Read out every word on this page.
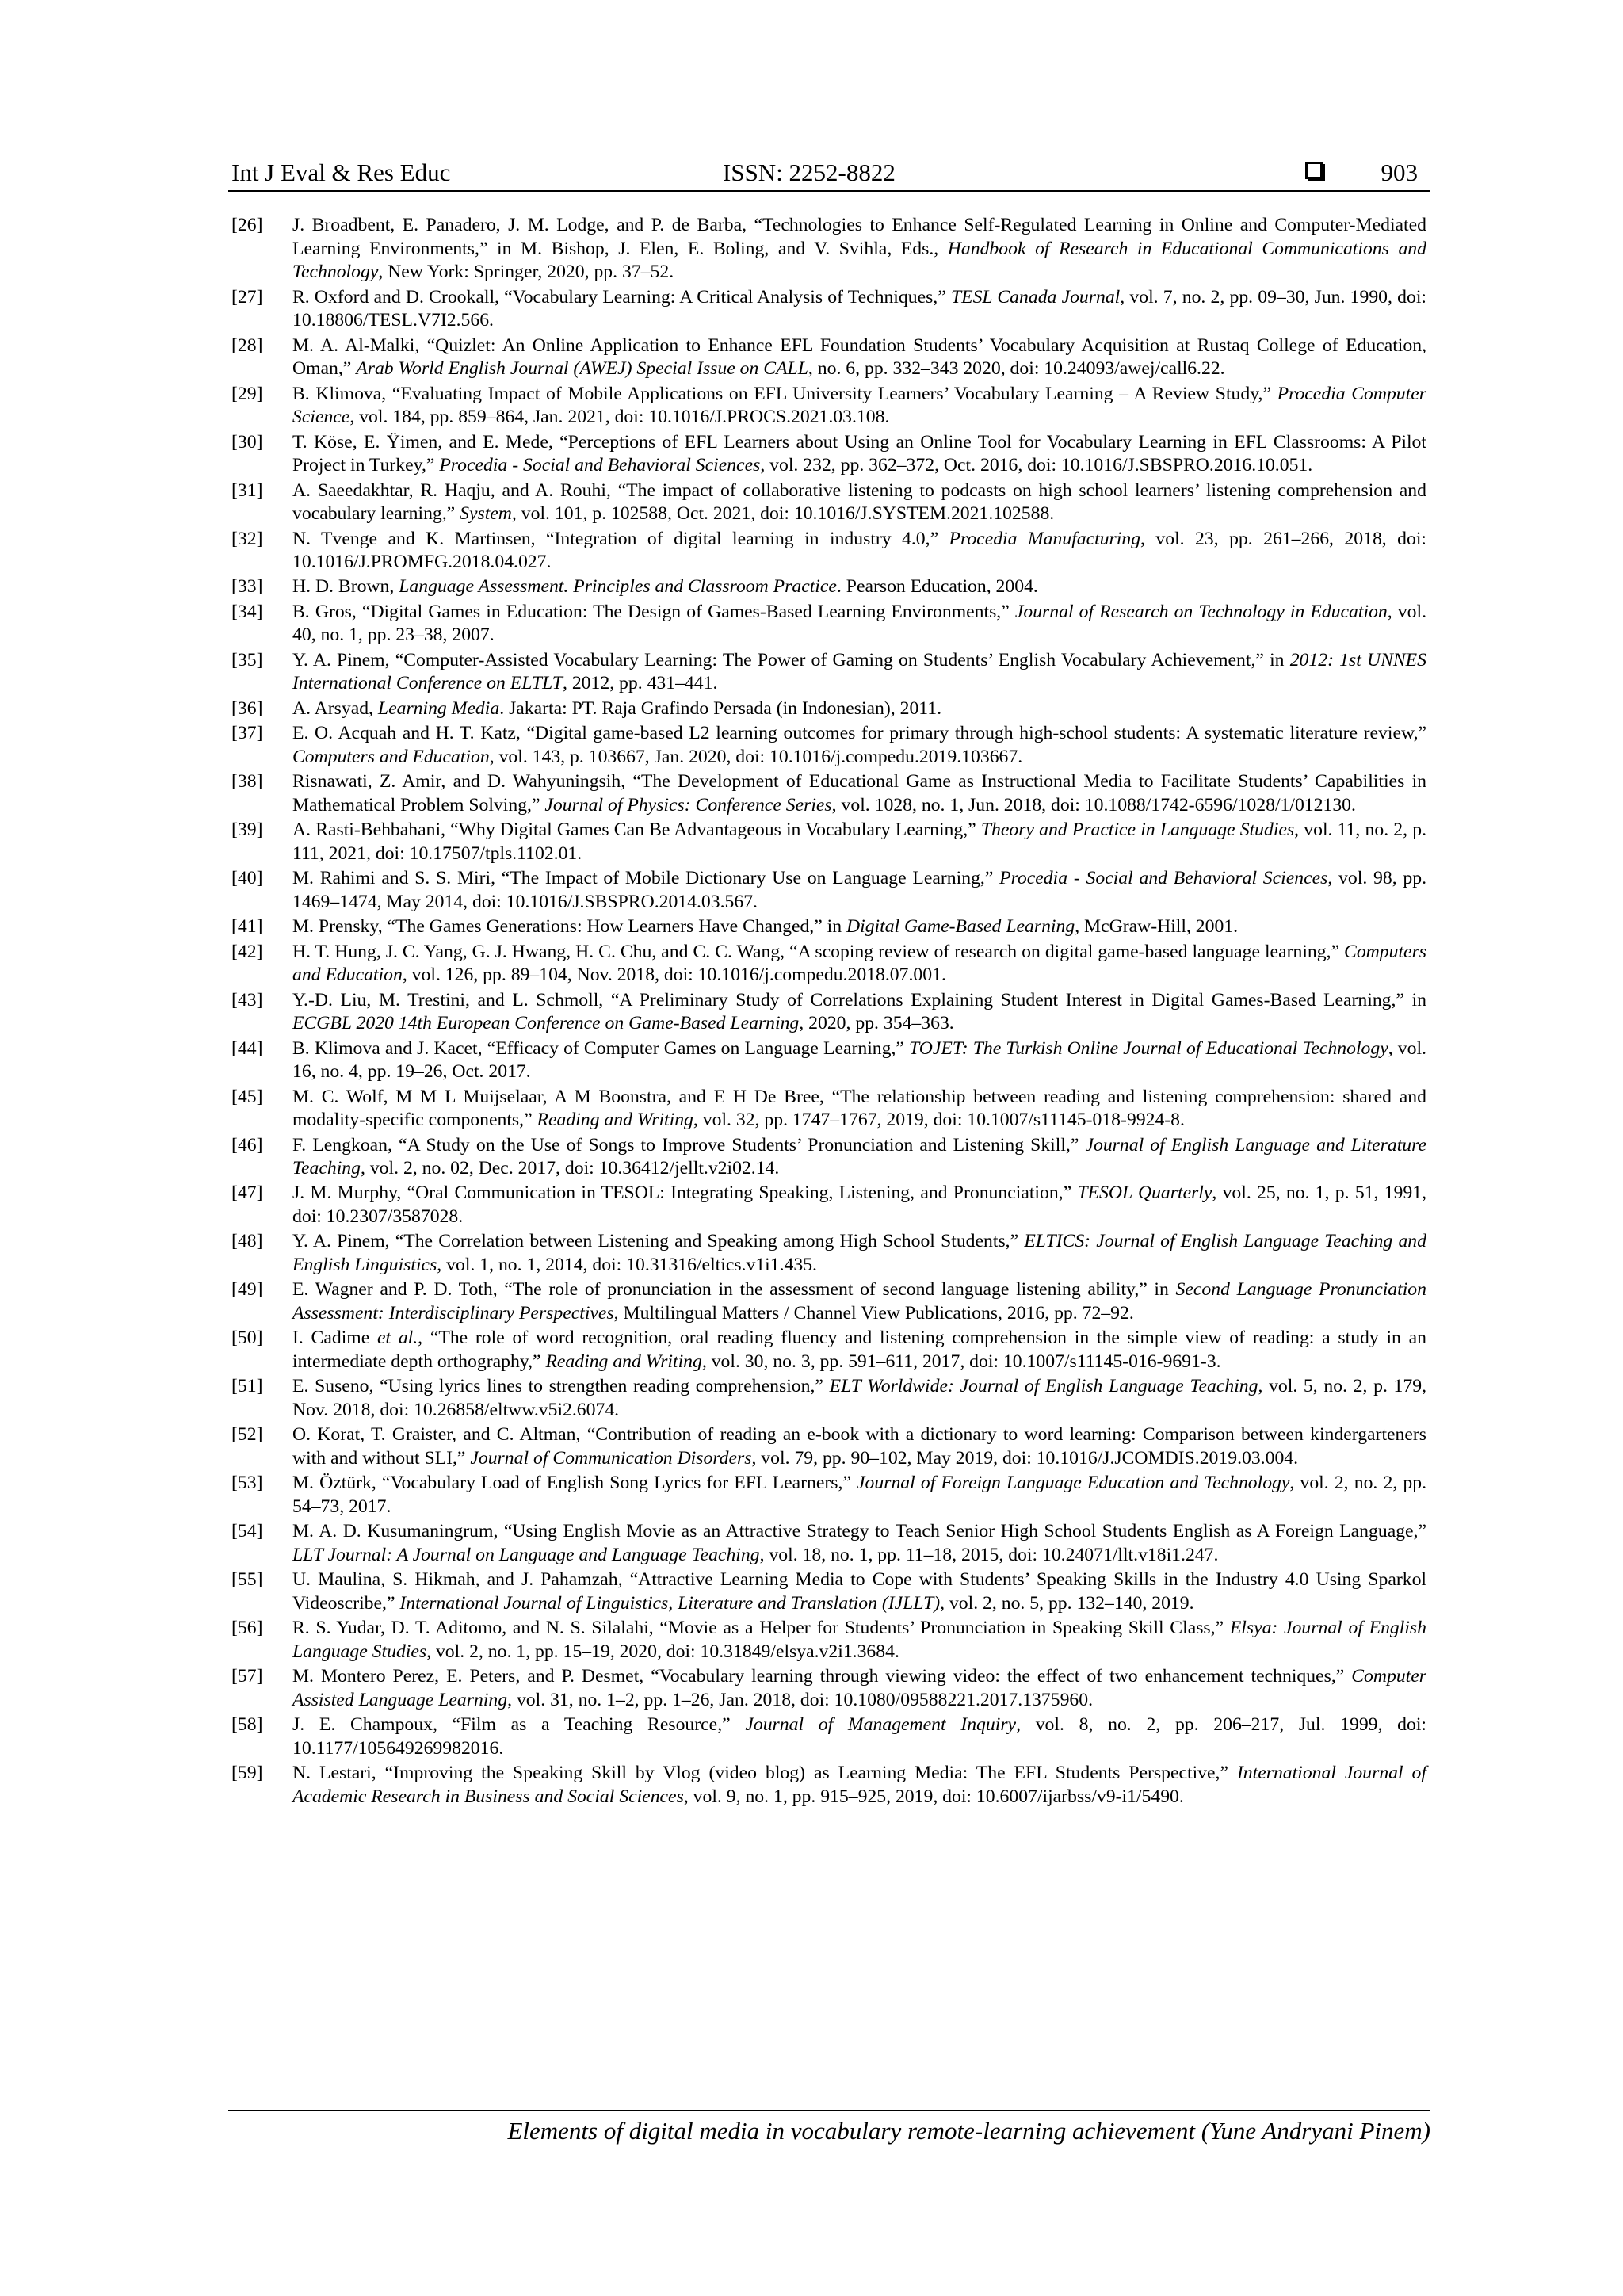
Int J Eval & Res Educ	ISSN: 2252-8822	903
[26]	J. Broadbent, E. Panadero, J. M. Lodge, and P. de Barba, “Technologies to Enhance Self-Regulated Learning in Online and Computer-Mediated Learning Environments,” in M. Bishop, J. Elen, E. Boling, and V. Svihla, Eds., Handbook of Research in Educational Communications and Technology, New York: Springer, 2020, pp. 37–52.
[27]	R. Oxford and D. Crookall, “Vocabulary Learning: A Critical Analysis of Techniques,” TESL Canada Journal, vol. 7, no. 2, pp. 09–30, Jun. 1990, doi: 10.18806/TESL.V7I2.566.
[28]	M. A. Al-Malki, “Quizlet: An Online Application to Enhance EFL Foundation Students’ Vocabulary Acquisition at Rustaq College of Education, Oman,” Arab World English Journal (AWEJ) Special Issue on CALL, no. 6, pp. 332–343 2020, doi: 10.24093/awej/call6.22.
[29]	B. Klimova, “Evaluating Impact of Mobile Applications on EFL University Learners’ Vocabulary Learning – A Review Study,” Procedia Computer Science, vol. 184, pp. 859–864, Jan. 2021, doi: 10.1016/J.PROCS.2021.03.108.
[30]	T. Köse, E. Ÿimen, and E. Mede, “Perceptions of EFL Learners about Using an Online Tool for Vocabulary Learning in EFL Classrooms: A Pilot Project in Turkey,” Procedia - Social and Behavioral Sciences, vol. 232, pp. 362–372, Oct. 2016, doi: 10.1016/J.SBSPRO.2016.10.051.
[31]	A. Saeedakhtar, R. Haqju, and A. Rouhi, “The impact of collaborative listening to podcasts on high school learners’ listening comprehension and vocabulary learning,” System, vol. 101, p. 102588, Oct. 2021, doi: 10.1016/J.SYSTEM.2021.102588.
[32]	N. Tvenge and K. Martinsen, “Integration of digital learning in industry 4.0,” Procedia Manufacturing, vol. 23, pp. 261–266, 2018, doi: 10.1016/J.PROMFG.2018.04.027.
[33]	H. D. Brown, Language Assessment. Principles and Classroom Practice. Pearson Education, 2004.
[34]	B. Gros, “Digital Games in Education: The Design of Games-Based Learning Environments,” Journal of Research on Technology in Education, vol. 40, no. 1, pp. 23–38, 2007.
[35]	Y. A. Pinem, “Computer-Assisted Vocabulary Learning: The Power of Gaming on Students’ English Vocabulary Achievement,” in 2012: 1st UNNES International Conference on ELTLT, 2012, pp. 431–441.
[36]	A. Arsyad, Learning Media. Jakarta: PT. Raja Grafindo Persada (in Indonesian), 2011.
[37]	E. O. Acquah and H. T. Katz, “Digital game-based L2 learning outcomes for primary through high-school students: A systematic literature review,” Computers and Education, vol. 143, p. 103667, Jan. 2020, doi: 10.1016/j.compedu.2019.103667.
[38]	Risnawati, Z. Amir, and D. Wahyuningsih, “The Development of Educational Game as Instructional Media to Facilitate Students’ Capabilities in Mathematical Problem Solving,” Journal of Physics: Conference Series, vol. 1028, no. 1, Jun. 2018, doi: 10.1088/1742-6596/1028/1/012130.
[39]	A. Rasti-Behbahani, “Why Digital Games Can Be Advantageous in Vocabulary Learning,” Theory and Practice in Language Studies, vol. 11, no. 2, p. 111, 2021, doi: 10.17507/tpls.1102.01.
[40]	M. Rahimi and S. S. Miri, “The Impact of Mobile Dictionary Use on Language Learning,” Procedia - Social and Behavioral Sciences, vol. 98, pp. 1469–1474, May 2014, doi: 10.1016/J.SBSPRO.2014.03.567.
[41]	M. Prensky, “The Games Generations: How Learners Have Changed,” in Digital Game-Based Learning, McGraw-Hill, 2001.
[42]	H. T. Hung, J. C. Yang, G. J. Hwang, H. C. Chu, and C. C. Wang, “A scoping review of research on digital game-based language learning,” Computers and Education, vol. 126, pp. 89–104, Nov. 2018, doi: 10.1016/j.compedu.2018.07.001.
[43]	Y.-D. Liu, M. Trestini, and L. Schmoll, “A Preliminary Study of Correlations Explaining Student Interest in Digital Games-Based Learning,” in ECGBL 2020 14th European Conference on Game-Based Learning, 2020, pp. 354–363.
[44]	B. Klimova and J. Kacet, “Efficacy of Computer Games on Language Learning,” TOJET: The Turkish Online Journal of Educational Technology, vol. 16, no. 4, pp. 19–26, Oct. 2017.
[45]	M. C. Wolf, M M L Muijselaar, A M Boonstra, and E H De Bree, “The relationship between reading and listening comprehension: shared and modality-specific components,” Reading and Writing, vol. 32, pp. 1747–1767, 2019, doi: 10.1007/s11145-018-9924-8.
[46]	F. Lengkoan, “A Study on the Use of Songs to Improve Students’ Pronunciation and Listening Skill,” Journal of English Language and Literature Teaching, vol. 2, no. 02, Dec. 2017, doi: 10.36412/jellt.v2i02.14.
[47]	J. M. Murphy, “Oral Communication in TESOL: Integrating Speaking, Listening, and Pronunciation,” TESOL Quarterly, vol. 25, no. 1, p. 51, 1991, doi: 10.2307/3587028.
[48]	Y. A. Pinem, “The Correlation between Listening and Speaking among High School Students,” ELTICS: Journal of English Language Teaching and English Linguistics, vol. 1, no. 1, 2014, doi: 10.31316/eltics.v1i1.435.
[49]	E. Wagner and P. D. Toth, “The role of pronunciation in the assessment of second language listening ability,” in Second Language Pronunciation Assessment: Interdisciplinary Perspectives, Multilingual Matters / Channel View Publications, 2016, pp. 72–92.
[50]	I. Cadime et al., “The role of word recognition, oral reading fluency and listening comprehension in the simple view of reading: a study in an intermediate depth orthography,” Reading and Writing, vol. 30, no. 3, pp. 591–611, 2017, doi: 10.1007/s11145-016-9691-3.
[51]	E. Suseno, “Using lyrics lines to strengthen reading comprehension,” ELT Worldwide: Journal of English Language Teaching, vol. 5, no. 2, p. 179, Nov. 2018, doi: 10.26858/eltww.v5i2.6074.
[52]	O. Korat, T. Graister, and C. Altman, “Contribution of reading an e-book with a dictionary to word learning: Comparison between kindergarteners with and without SLI,” Journal of Communication Disorders, vol. 79, pp. 90–102, May 2019, doi: 10.1016/J.JCOMDIS.2019.03.004.
[53]	M. Öztürk, “Vocabulary Load of English Song Lyrics for EFL Learners,” Journal of Foreign Language Education and Technology, vol. 2, no. 2, pp. 54–73, 2017.
[54]	M. A. D. Kusumaningrum, “Using English Movie as an Attractive Strategy to Teach Senior High School Students English as A Foreign Language,” LLT Journal: A Journal on Language and Language Teaching, vol. 18, no. 1, pp. 11–18, 2015, doi: 10.24071/llt.v18i1.247.
[55]	U. Maulina, S. Hikmah, and J. Pahamzah, “Attractive Learning Media to Cope with Students’ Speaking Skills in the Industry 4.0 Using Sparkol Videoscribe,” International Journal of Linguistics, Literature and Translation (IJLLT), vol. 2, no. 5, pp. 132–140, 2019.
[56]	R. S. Yudar, D. T. Aditomo, and N. S. Silalahi, “Movie as a Helper for Students’ Pronunciation in Speaking Skill Class,” Elsya: Journal of English Language Studies, vol. 2, no. 1, pp. 15–19, 2020, doi: 10.31849/elsya.v2i1.3684.
[57]	M. Montero Perez, E. Peters, and P. Desmet, “Vocabulary learning through viewing video: the effect of two enhancement techniques,” Computer Assisted Language Learning, vol. 31, no. 1–2, pp. 1–26, Jan. 2018, doi: 10.1080/09588221.2017.1375960.
[58]	J. E. Champoux, “Film as a Teaching Resource,” Journal of Management Inquiry, vol. 8, no. 2, pp. 206–217, Jul. 1999, doi: 10.1177/105649269982016.
[59]	N. Lestari, “Improving the Speaking Skill by Vlog (video blog) as Learning Media: The EFL Students Perspective,” International Journal of Academic Research in Business and Social Sciences, vol. 9, no. 1, pp. 915–925, 2019, doi: 10.6007/ijarbss/v9-i1/5490.
Elements of digital media in vocabulary remote-learning achievement (Yune Andryani Pinem)
